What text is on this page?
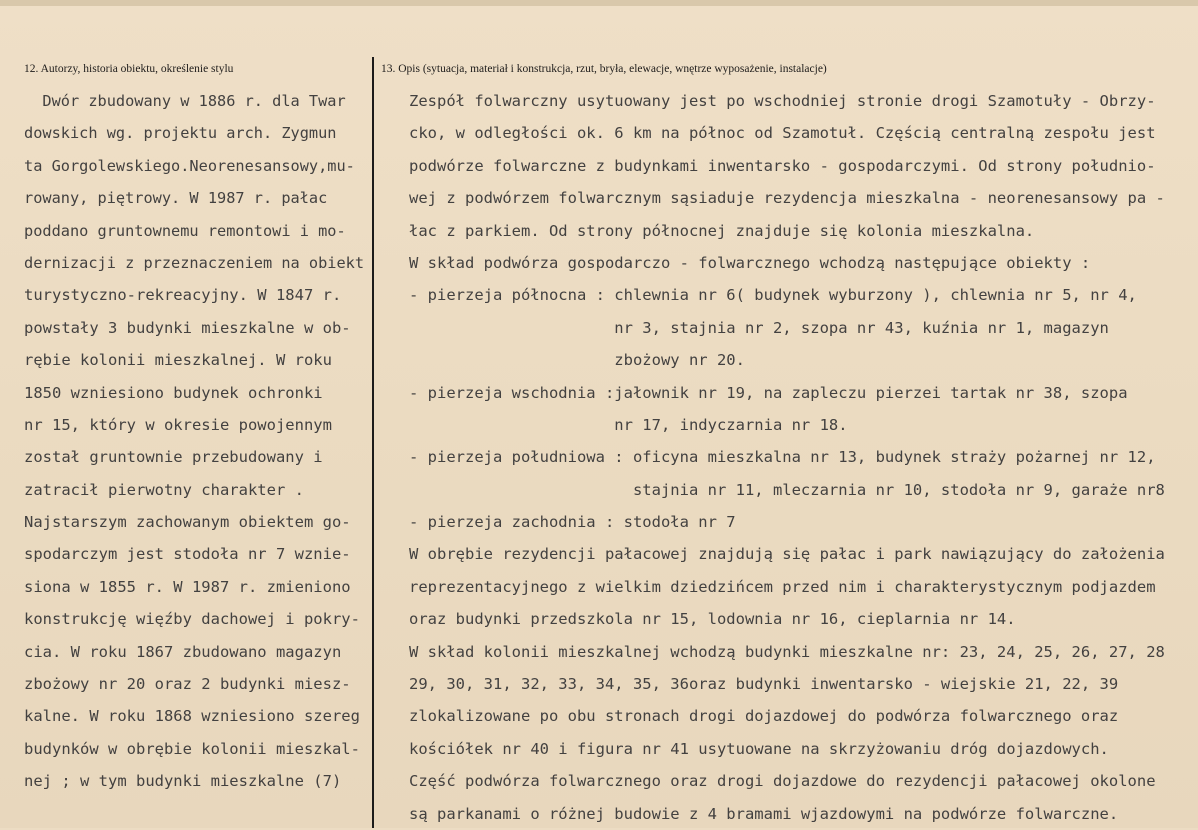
12. Autorzy, historia obiektu, określenie stylu	13. Opis (sytuacja, materiał i konstrukcja, rzut, bryła, elewacje, wnętrze wyposażenie, instalacje)
Dwór zbudowany w 1886 r. dla Twar
dowskich wg. projektu arch. Zygmun
ta Gorgolewskiego.Neorenesansowy,mu-
rowany, piętrowy. W 1987 r. pałac
poddano gruntownemu remontowi i mo-
dernizacji z przeznaczeniem na obiekt
turystyczno-rekreacyjny. W 1847 r.
powstały 3 budynki mieszkalne w ob-
rębie kolonii mieszkalnej. W roku
1850 wzniesiono budynek ochronki
nr 15, który w okresie powojennym
został gruntownie przebudowany i
zatracił pierwotny charakter .
Najstarszym zachowanym obiektem go-
spodarczym jest stodoła nr 7 wznie-
siona w 1855 r. W 1987 r. zmieniono
konstrukcję więźby dachowej i pokry-
cia. W roku 1867 zbudowano magazyn
zbożowy nr 20 oraz 2 budynki miesz-
kalne. W roku 1868 wzniesiono szereg
budynków w obrębie kolonii mieszkal-
nej ; w tym budynki mieszkalne (7)
Zespół folwarczny usytuowany jest po wschodniej stronie drogi Szamotuły - Obrzy-
cko, w odległości ok. 6 km na północ od Szamotuł. Częścią centralną zespołu jest
podwórze folwarczne z budynkami inwentarsko - gospodarczymi. Od strony południo-
wej z podwórzem folwarcznym sąsiaduje rezydencja mieszkalna - neorenesansowy pa -
łac z parkiem. Od strony północnej znajduje się kolonia mieszkalna.
W skład podwórza gospodarczo - folwarcznego wchodzą następujące obiekty :
- pierzeja północna : chlewnia nr 6( budynek wyburzony ), chlewnia nr 5, nr 4,
nr 3, stajnia nr 2, szopa nr 43, kuźnia nr 1, magazyn
zbożowy nr 20.
- pierzeja wschodnia :jałownik nr 19, na zapleczu pierzei tartak nr 38, szopa
nr 17, indyczarnia nr 18.
- pierzeja południowa : oficyna mieszkalna nr 13, budynek straży pożarnej nr 12,
stajnia nr 11, mleczarnia nr 10, stodoła nr 9, garaże nr8
- pierzeja zachodnia : stodoła nr 7
W obrębie rezydencji pałacowej znajdują się pałac i park nawiązujący do założenia
reprezentacyjnego z wielkim dziedzińcem przed nim i charakterystycznym podjazdem
oraz budynki przedszkola nr 15, lodownia nr 16, cieplarnia nr 14.
W skład kolonii mieszkalnej wchodzą budynki mieszkalne nr: 23, 24, 25, 26, 27, 28
29, 30, 31, 32, 33, 34, 35, 36oraz budynki inwentarsko - wiejskie 21, 22, 39
zlokalizowane po obu stronach drogi dojazdowej do podwórza folwarcznego oraz
kościółek nr 40 i figura nr 41 usytuowane na skrzyżowaniu dróg dojazdowych.
Część podwórza folwarcznego oraz drogi dojazdowe do rezydencji pałacowej okolone
są parkanami o różnej budowie z 4 bramami wjazdowymi na podwórze folwarczne.
